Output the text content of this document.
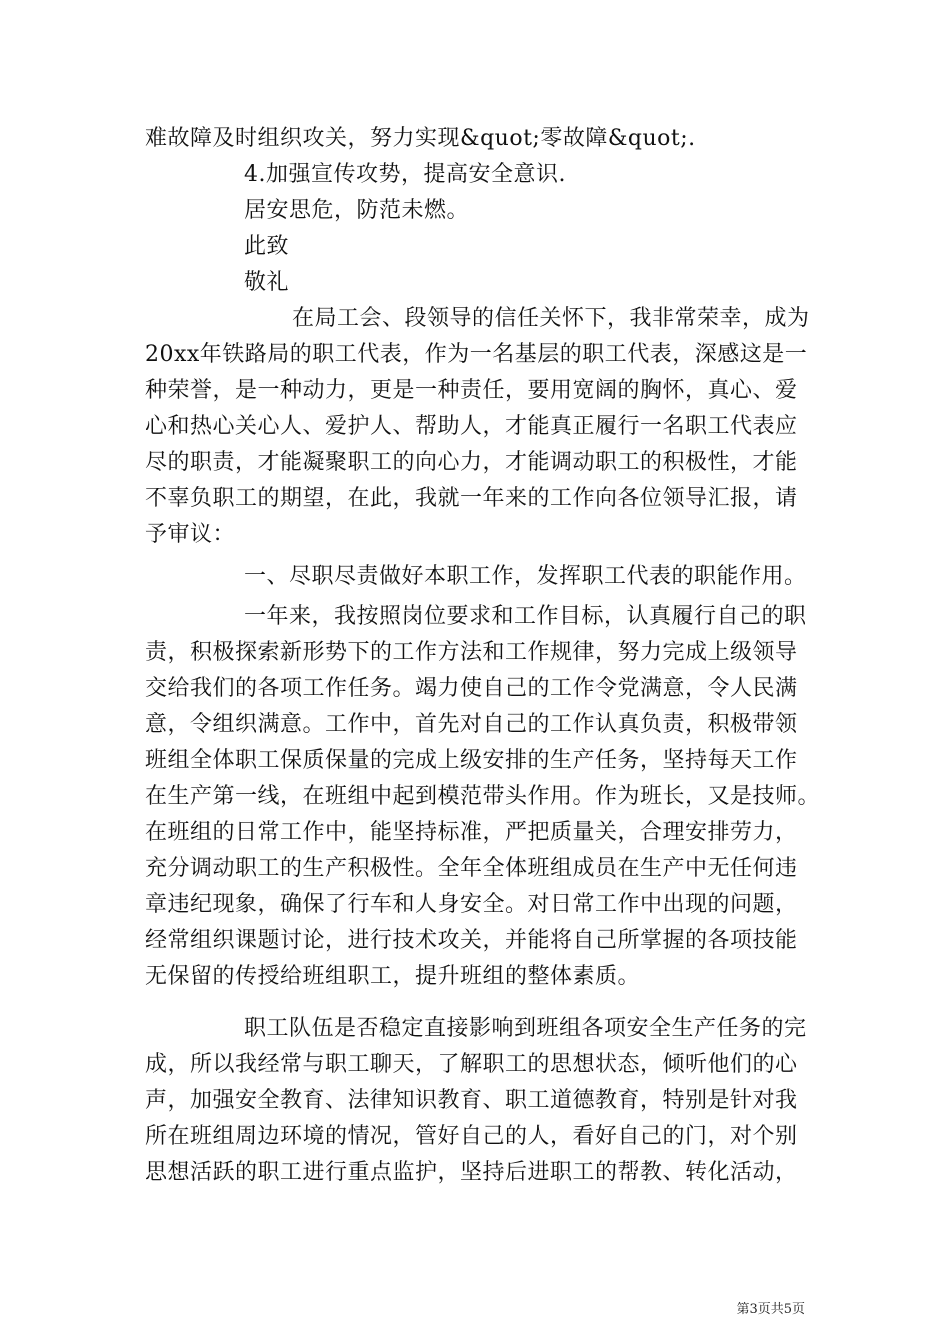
难故障及时组织攻关，努力实现&quot;零故障&quot;.
4.加强宣传攻势，提高安全意识.
居安思危，防范未燃。
此致
敬礼
在局工会、段领导的信任关怀下，我非常荣幸，成为
20xx年铁路局的职工代表，作为一名基层的职工代表，深感这是一
种荣誉，是一种动力，更是一种责任，要用宽阔的胸怀，真心、爱
心和热心关心人、爱护人、帮助人，才能真正履行一名职工代表应
尽的职责，才能凝聚职工的向心力，才能调动职工的积极性，才能
不辜负职工的期望，在此，我就一年来的工作向各位领导汇报，请
予审议：
一、尽职尽责做好本职工作，发挥职工代表的职能作用。
一年来，我按照岗位要求和工作目标，认真履行自己的职
责，积极探索新形势下的工作方法和工作规律，努力完成上级领导
交给我们的各项工作任务。竭力使自己的工作令党满意，令人民满
意，令组织满意。工作中，首先对自己的工作认真负责，积极带领
班组全体职工保质保量的完成上级安排的生产任务，坚持每天工作
在生产第一线，在班组中起到模范带头作用。作为班长，又是技师。
在班组的日常工作中，能坚持标准，严把质量关，合理安排劳力，
充分调动职工的生产积极性。全年全体班组成员在生产中无任何违
章违纪现象，确保了行车和人身安全。对日常工作中出现的问题，
经常组织课题讨论，进行技术攻关，并能将自己所掌握的各项技能
无保留的传授给班组职工，提升班组的整体素质。
职工队伍是否稳定直接影响到班组各项安全生产任务的完
成，所以我经常与职工聊天，了解职工的思想状态，倾听他们的心
声，加强安全教育、法律知识教育、职工道德教育，特别是针对我
所在班组周边环境的情况，管好自己的人，看好自己的门，对个别
思想活跃的职工进行重点监护，坚持后进职工的帮教、转化活动，
第3页共5页
